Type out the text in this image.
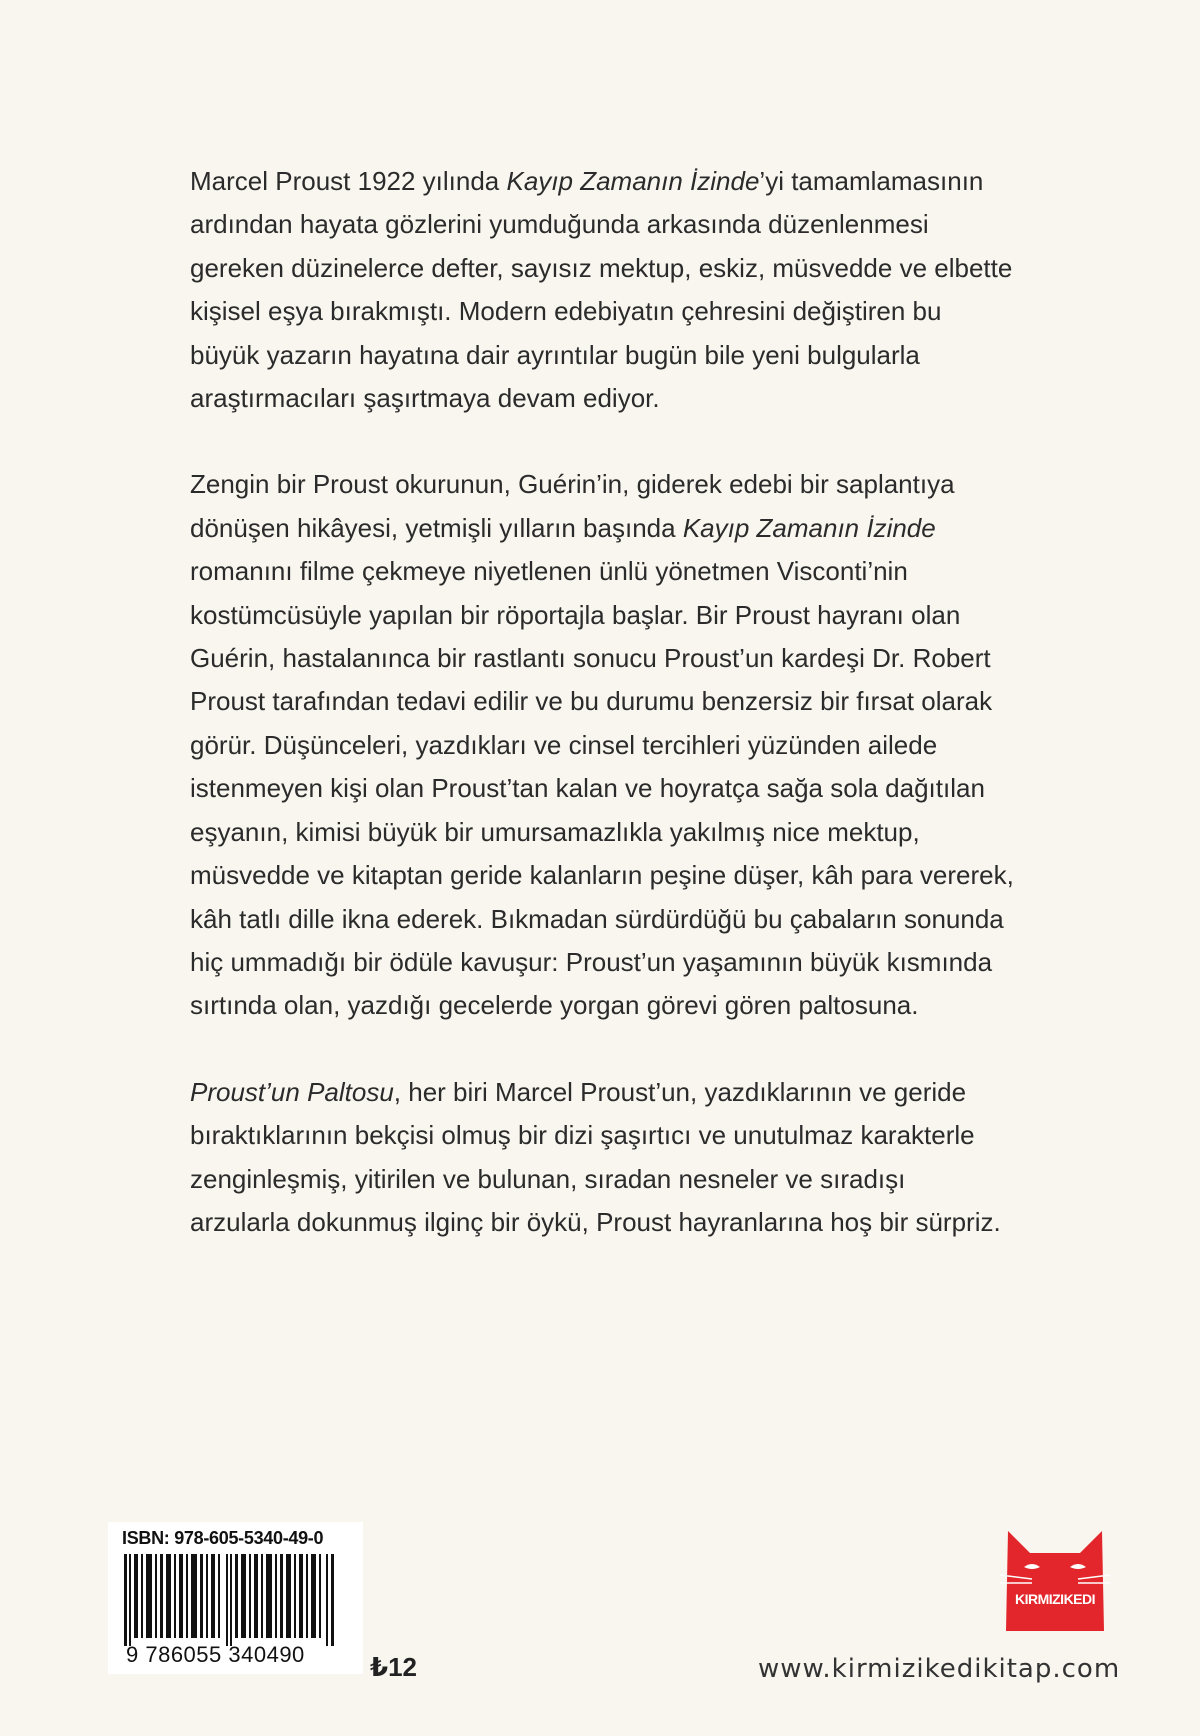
Marcel Proust 1922 yılında Kayıp Zamanın İzinde’yi tamamlamasının
ardından hayata gözlerini yumduğunda arkasında düzenlenmesi
gereken düzinelerce defter, sayısız mektup, eskiz, müsvedde ve elbette
kişisel eşya bırakmıştı. Modern edebiyatın çehresini değiştiren bu
büyük yazarın hayatına dair ayrıntılar bugün bile yeni bulgularla
araştırmacıları şaşırtmaya devam ediyor.

Zengin bir Proust okurunun, Guérin’in, giderek edebi bir saplantıya
dönüşen hikâyesi, yetmişli yılların başında Kayıp Zamanın İzinde
romanını filme çekmeye niyetlenen ünlü yönetmen Visconti’nin
kostümcüsüyle yapılan bir röportajla başlar. Bir Proust hayranı olan
Guérin, hastalanınca bir rastlantı sonucu Proust’un kardeşi Dr. Robert
Proust tarafından tedavi edilir ve bu durumu benzersiz bir fırsat olarak
görür. Düşünceleri, yazdıkları ve cinsel tercihleri yüzünden ailede
istenmeyen kişi olan Proust’tan kalan ve hoyratça sağa sola dağıtılan
eşyanın, kimisi büyük bir umursamazlıkla yakılmış nice mektup,
müsvedde ve kitaptan geride kalanların peşine düşer, kâh para vererek,
kâh tatlı dille ikna ederek. Bıkmadan sürdürdüğü bu çabaların sonunda
hiç ummadığı bir ödüle kavuşur: Proust’un yaşamının büyük kısmında
sırtında olan, yazdığı gecelerde yorgan görevi gören paltosuna.

Proust’un Paltosu, her biri Marcel Proust’un, yazdıklarının ve geride
bıraktıklarının bekçisi olmuş bir dizi şaşırtıcı ve unutulmaz karakterle
zenginleşmiş, yitirilen ve bulunan, sıradan nesneler ve sıradışı
arzularla dokunmuş ilginç bir öykü, Proust hayranlarına hoş bir sürpriz.

ISBN: 978-605-5340-49-0
9 786055 340490	₺12	www.kirmizikedikitap.com
KIRMIZIKEDI
